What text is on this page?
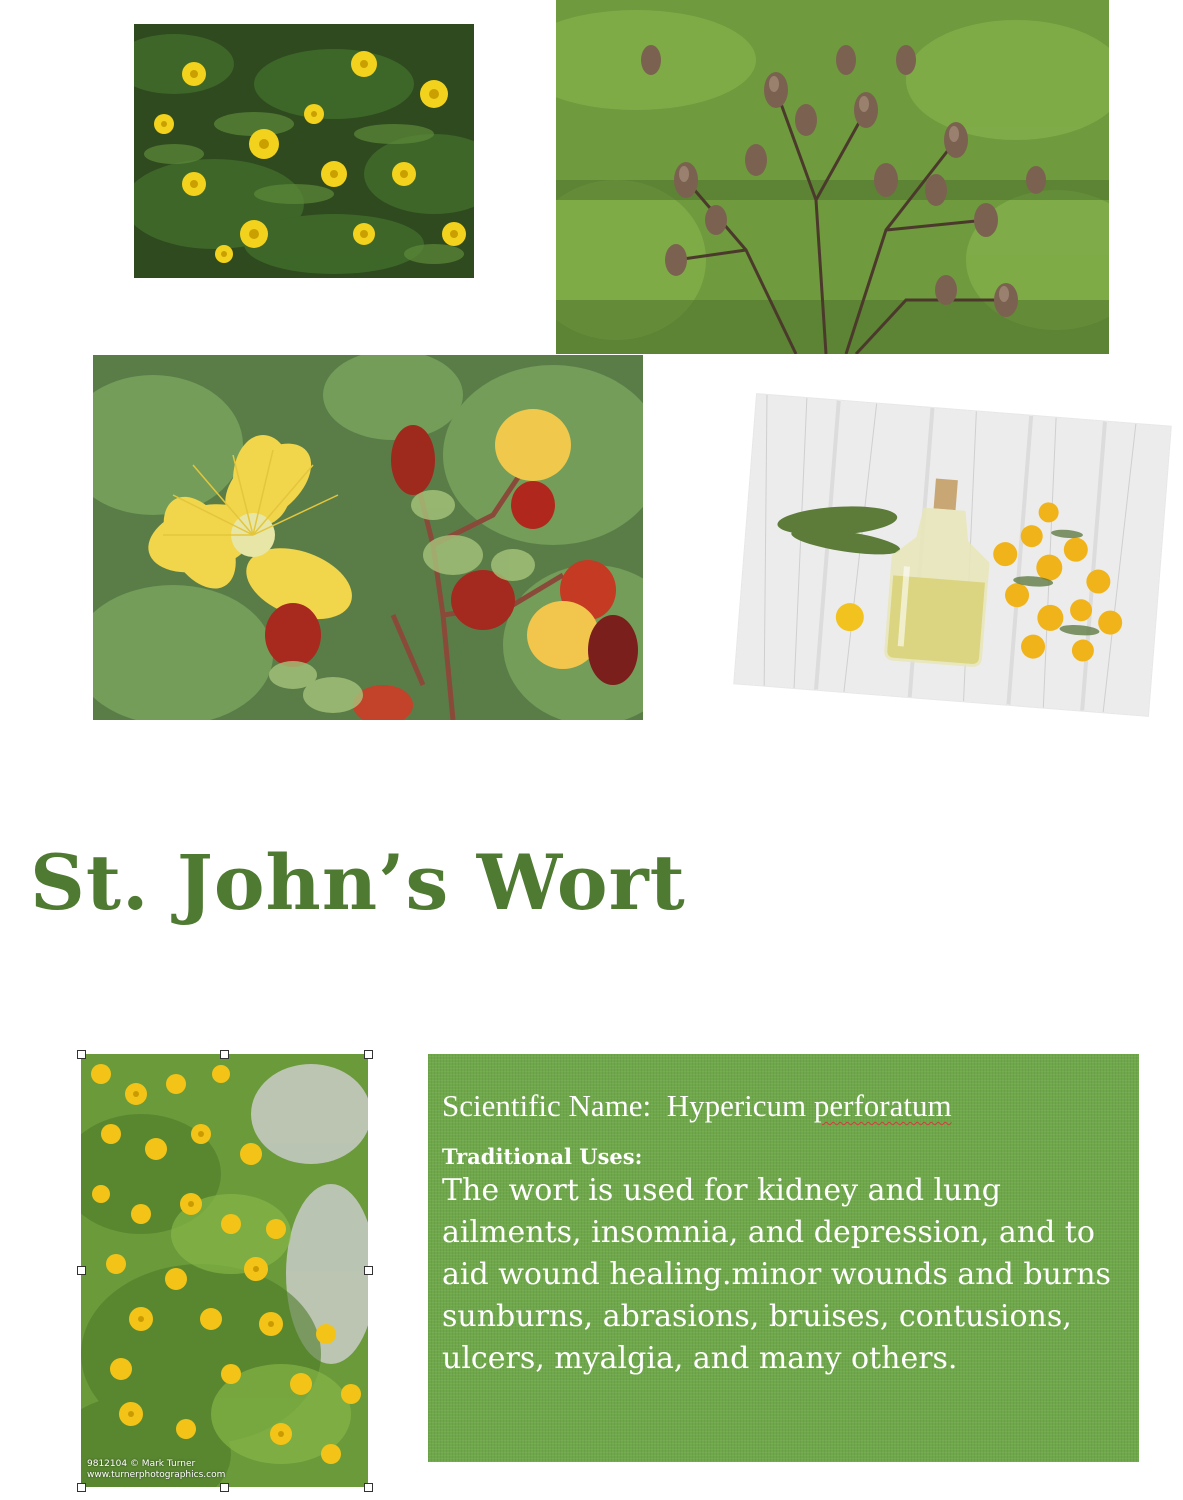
St. John’s Wort
9812104 © Mark Turner
www.turnerphotographics.com

Scientific Name: Hypericum perforatum

Traditional Uses:

The wort is used for kidney and lung
ailments, insomnia, and depression, and to
aid wound healing.minor wounds and burns
sunburns, abrasions, bruises, contusions,
ulcers, myalgia, and many others.
